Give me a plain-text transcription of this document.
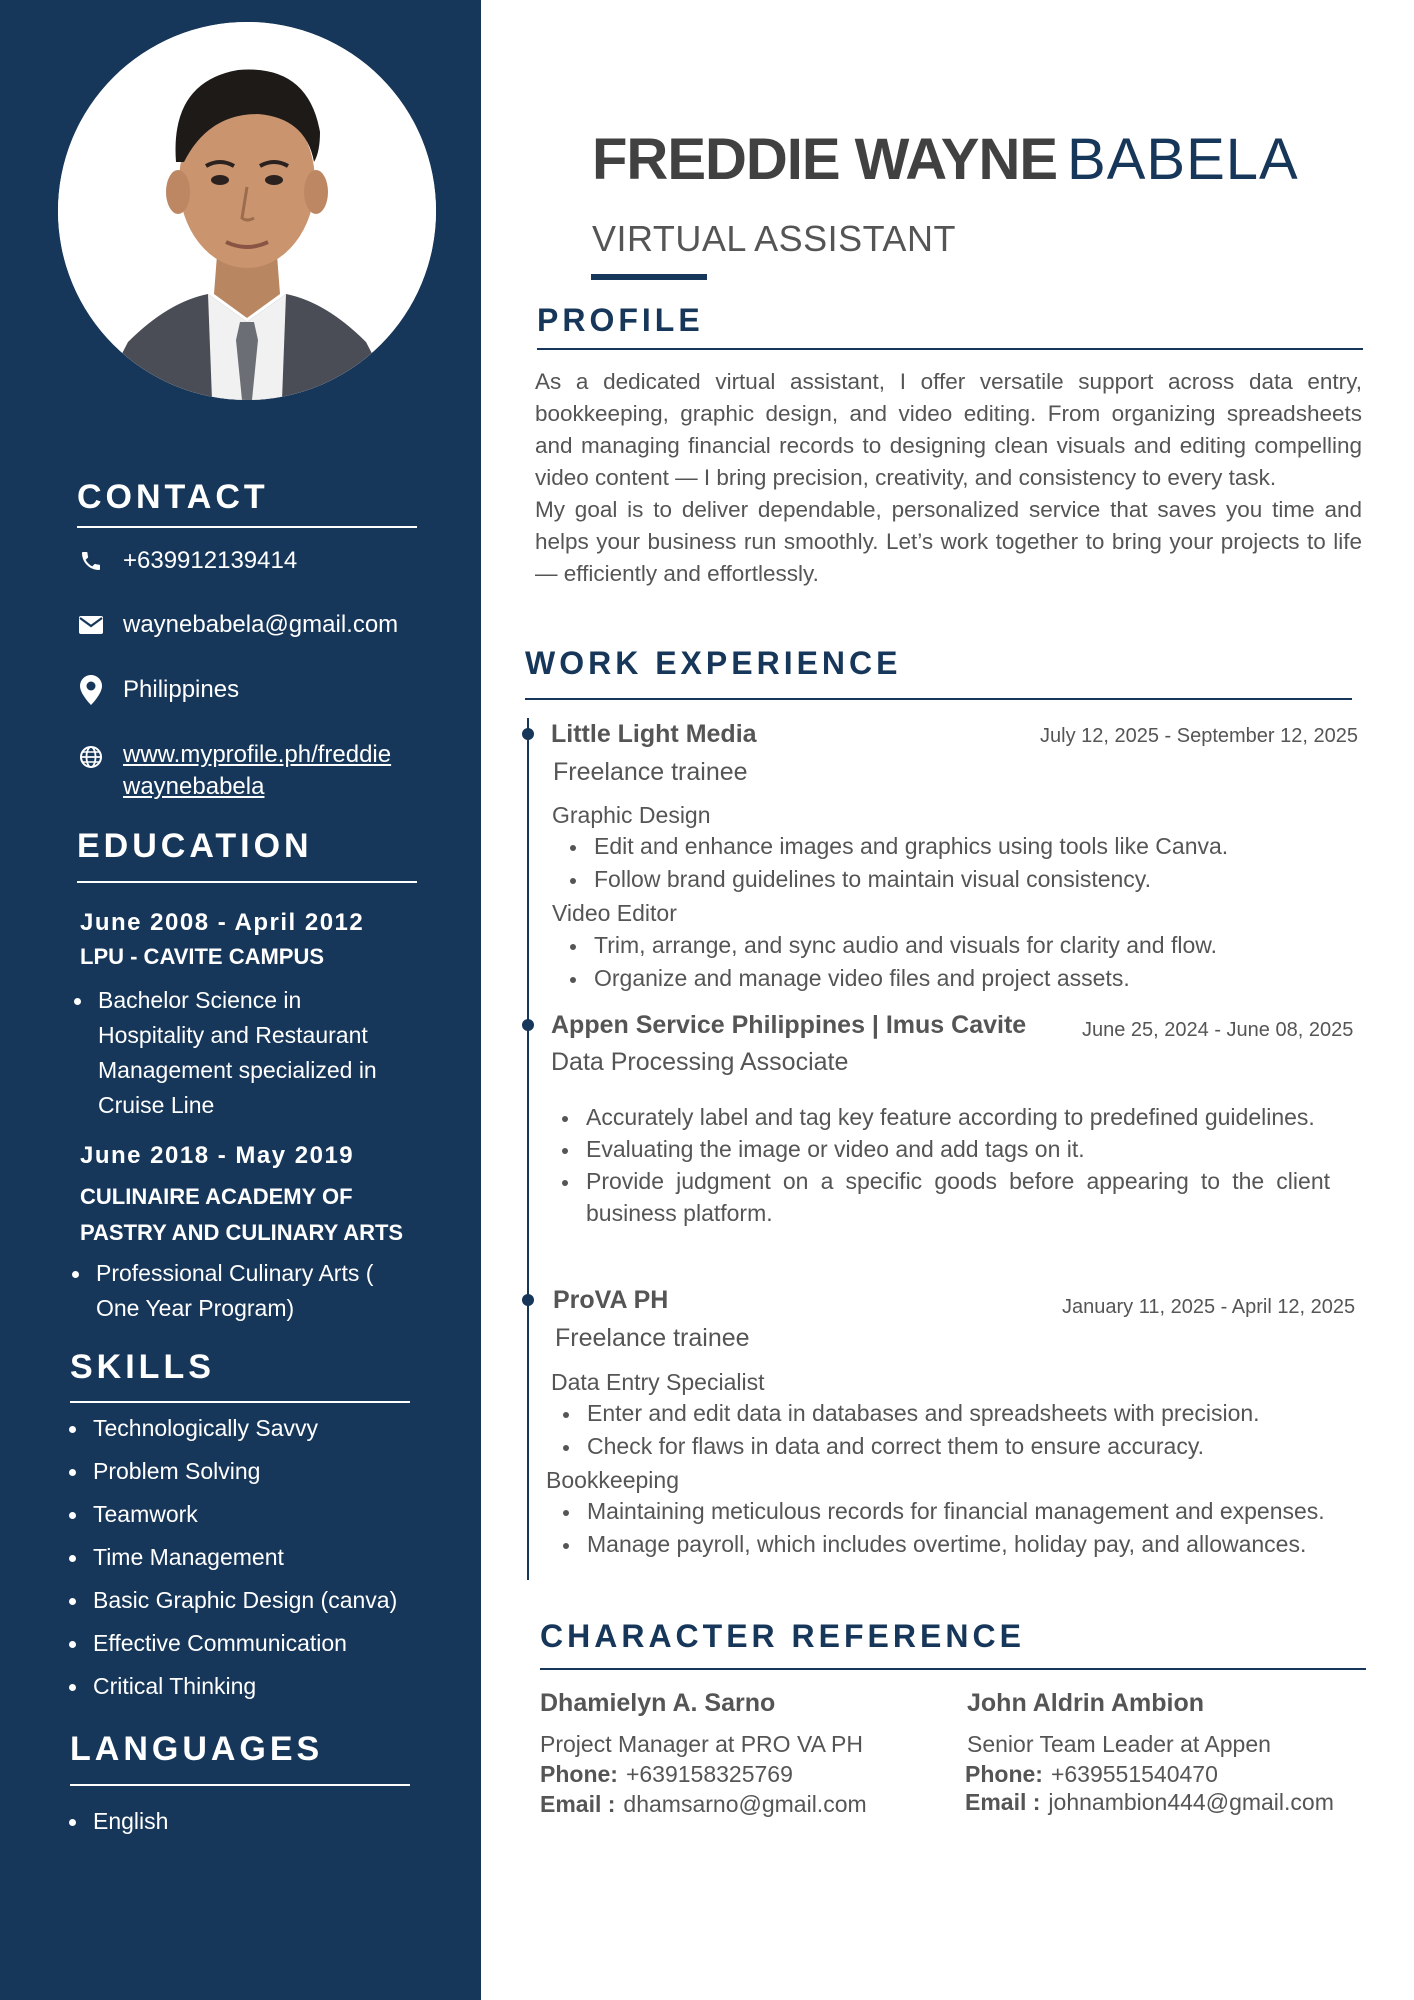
CONTACT
+639912139414
waynebabela@gmail.com
Philippines
www.myprofile.ph/freddie
waynebabela
EDUCATION
June 2008 - April 2012
LPU - CAVITE CAMPUS
Bachelor Science in Hospitality and Restaurant Management specialized in Cruise Line
June 2018 - May 2019
CULINAIRE ACADEMY OF PASTRY AND CULINARY ARTS
Professional Culinary Arts ( One Year Program)
SKILLS
Technologically Savvy
Problem Solving
Teamwork
Time Management
Basic Graphic Design (canva)
Effective Communication
Critical Thinking
LANGUAGES
English
FREDDIE WAYNE BABELA
VIRTUAL ASSISTANT
PROFILE

As a dedicated virtual assistant, I offer versatile support across data entry, bookkeeping, graphic design, and video editing. From organizing spreadsheets and managing financial records to designing clean visuals and editing compelling video content — I bring precision, creativity, and consistency to every task.

My goal is to deliver dependable, personalized service that saves you time and helps your business run smoothly. Let’s work together to bring your projects to life — efficiently and effortlessly.

WORK EXPERIENCE
Little Light Media	July 12, 2025 - September 12, 2025
Freelance trainee
Graphic Design
Edit and enhance images and graphics using tools like Canva.
Follow brand guidelines to maintain visual consistency.
Video Editor
Trim, arrange, and sync audio and visuals for clarity and flow.
Organize and manage video files and project assets.
Appen Service Philippines | Imus Cavite	June 25, 2024 - June 08, 2025
Data Processing Associate
Accurately label and tag key feature according to predefined guidelines.
Evaluating the image or video and add tags on it.
Provide judgment on a specific goods before appearing to the client business platform.
ProVA PH	January 11, 2025 - April 12, 2025
Freelance trainee
Data Entry Specialist
Enter and edit data in databases and spreadsheets with precision.
Check for flaws in data and correct them to ensure accuracy.
Bookkeeping
Maintaining meticulous records for financial management and expenses.
Manage payroll, which includes overtime, holiday pay, and allowances.
CHARACTER REFERENCE
Dhamielyn A. Sarno
Project Manager at PRO VA PH
Phone: +639158325769
Email : dhamsarno@gmail.com
John Aldrin Ambion
Senior Team Leader at Appen
Phone: +639551540470
Email : johnambion444@gmail.com
